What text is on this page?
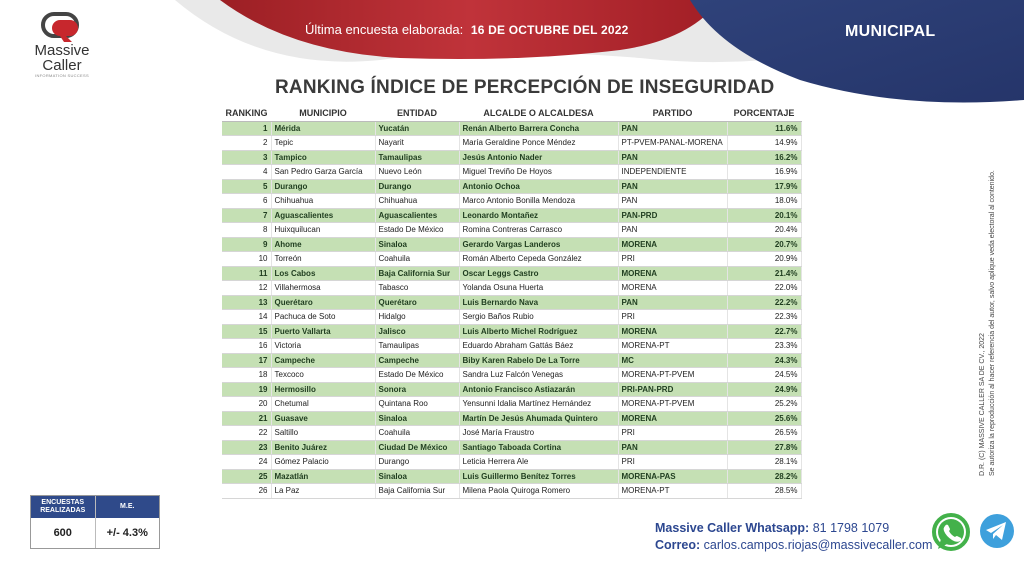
Massive
Caller
INFORMATION SUCCESS
Última encuesta elaborada: 16 DE OCTUBRE DEL 2022	MUNICIPAL
RANKING ÍNDICE DE PERCEPCIÓN DE INSEGURIDAD
RANKING	MUNICIPIO	ENTIDAD	ALCALDE O ALCALDESA	PARTIDO	PORCENTAJE
1	Mérida	Yucatán	Renán Alberto Barrera Concha	PAN	11.6%
2	Tepic	Nayarit	María Geraldine Ponce Méndez	PT-PVEM-PANAL-MORENA	14.9%
3	Tampico	Tamaulipas	Jesús Antonio Nader	PAN	16.2%
4	San Pedro Garza García	Nuevo León	Miguel Treviño De Hoyos	INDEPENDIENTE	16.9%
5	Durango	Durango	Antonio Ochoa	PAN	17.9%
6	Chihuahua	Chihuahua	Marco Antonio Bonilla Mendoza	PAN	18.0%
7	Aguascalientes	Aguascalientes	Leonardo Montañez	PAN-PRD	20.1%
8	Huixquilucan	Estado De México	Romina Contreras Carrasco	PAN	20.4%
9	Ahome	Sinaloa	Gerardo Vargas Landeros	MORENA	20.7%
10	Torreón	Coahuila	Román Alberto Cepeda González	PRI	20.9%
11	Los Cabos	Baja California Sur	Oscar Leggs Castro	MORENA	21.4%
12	Villahermosa	Tabasco	Yolanda Osuna Huerta	MORENA	22.0%
13	Querétaro	Querétaro	Luis Bernardo Nava	PAN	22.2%
14	Pachuca de Soto	Hidalgo	Sergio Baños Rubio	PRI	22.3%
15	Puerto Vallarta	Jalisco	Luis Alberto Michel Rodríguez	MORENA	22.7%
16	Victoria	Tamaulipas	Eduardo Abraham Gattás Báez	MORENA-PT	23.3%
17	Campeche	Campeche	Biby Karen Rabelo De La Torre	MC	24.3%
18	Texcoco	Estado De México	Sandra Luz Falcón Venegas	MORENA-PT-PVEM	24.5%
19	Hermosillo	Sonora	Antonio Francisco Astiazarán	PRI-PAN-PRD	24.9%
20	Chetumal	Quintana Roo	Yensunni Idalia Martínez Hernández	MORENA-PT-PVEM	25.2%
21	Guasave	Sinaloa	Martín De Jesús Ahumada Quintero	MORENA	25.6%
22	Saltillo	Coahuila	José María Fraustro	PRI	26.5%
23	Benito Juárez	Ciudad De México	Santiago Taboada Cortina	PAN	27.8%
24	Gómez Palacio	Durango	Leticia Herrera Ale	PRI	28.1%
25	Mazatlán	Sinaloa	Luis Guillermo Benítez Torres	MORENA-PAS	28.2%
26	La Paz	Baja California Sur	Milena Paola Quiroga Romero	MORENA-PT	28.5%
D.R. (C) MASSIVE CALLER SA DE CV., 2022 Se autoriza la reproducción al hacer referencia del autor, salvo aplique veda electoral al contenido.
ENCUESTAS REALIZADAS
M.E.
600	+/- 4.3%	Massive Caller Whatsapp: 81 1798 1079
Correo: carlos.campos.riojas@massivecaller.com
